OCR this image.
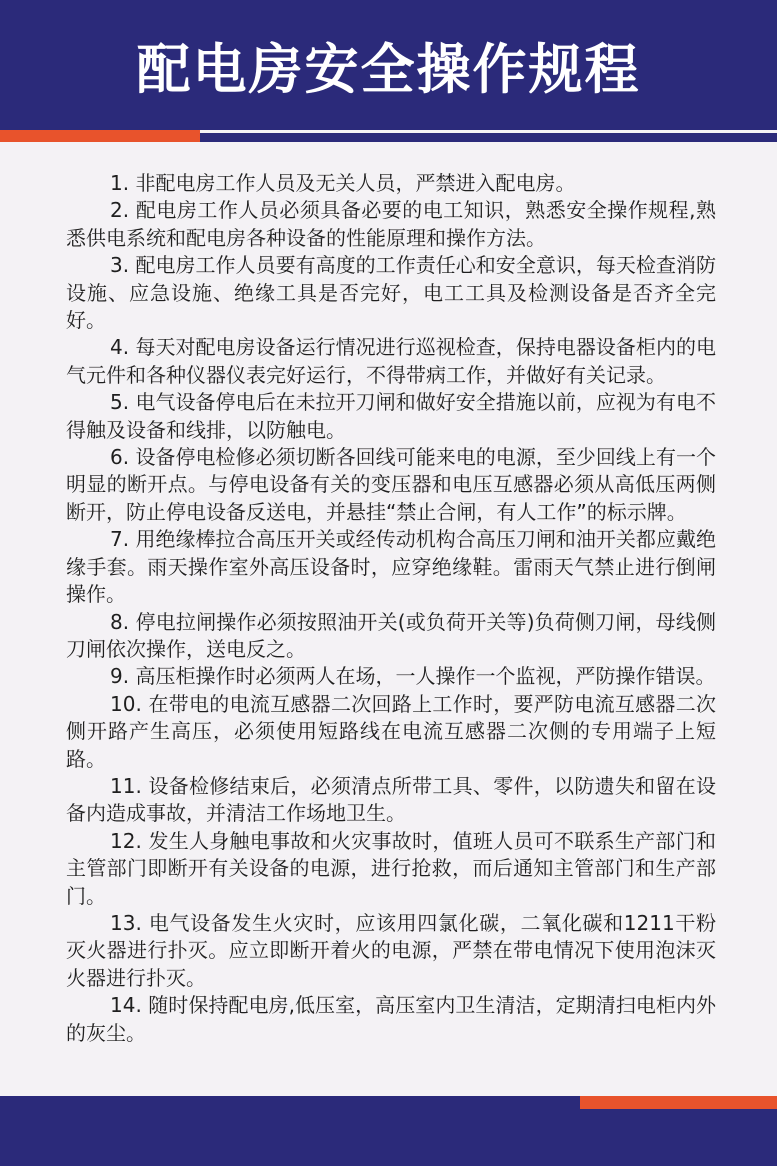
配电房安全操作规程

1. 非配电房工作人员及无关人员，严禁进入配电房。

2. 配电房工作人员必须具备必要的电工知识，熟悉安全操作规程,熟悉供电系统和配电房各种设备的性能原理和操作方法。

3. 配电房工作人员要有高度的工作责任心和安全意识，每天检查消防设施、应急设施、绝缘工具是否完好，电工工具及检测设备是否齐全完好。

4. 每天对配电房设备运行情况进行巡视检查，保持电器设备柜内的电气元件和各种仪器仪表完好运行，不得带病工作，并做好有关记录。

5. 电气设备停电后在未拉开刀闸和做好安全措施以前，应视为有电不得触及设备和线排，以防触电。

6. 设备停电检修必须切断各回线可能来电的电源，至少回线上有一个明显的断开点。与停电设备有关的变压器和电压互感器必须从高低压两侧断开，防止停电设备反送电，并悬挂“禁止合闸，有人工作”的标示牌。

7. 用绝缘棒拉合高压开关或经传动机构合高压刀闸和油开关都应戴绝缘手套。雨天操作室外高压设备时，应穿绝缘鞋。雷雨天气禁止进行倒闸操作。

8. 停电拉闸操作必须按照油开关(或负荷开关等)负荷侧刀闸，母线侧刀闸依次操作，送电反之。

9. 高压柜操作时必须两人在场，一人操作一个监视，严防操作错误。

10. 在带电的电流互感器二次回路上工作时，要严防电流互感器二次侧开路产生高压，必须使用短路线在电流互感器二次侧的专用端子上短路。

11. 设备检修结束后，必须清点所带工具、零件，以防遗失和留在设备内造成事故，并清洁工作场地卫生。

12. 发生人身触电事故和火灾事故时，值班人员可不联系生产部门和主管部门即断开有关设备的电源，进行抢救，而后通知主管部门和生产部门。

13. 电气设备发生火灾时，应该用四氯化碳，二氧化碳和1211干粉灭火器进行扑灭。应立即断开着火的电源，严禁在带电情况下使用泡沫灭火器进行扑灭。

14. 随时保持配电房,低压室，高压室内卫生清洁，定期清扫电柜内外的灰尘。
